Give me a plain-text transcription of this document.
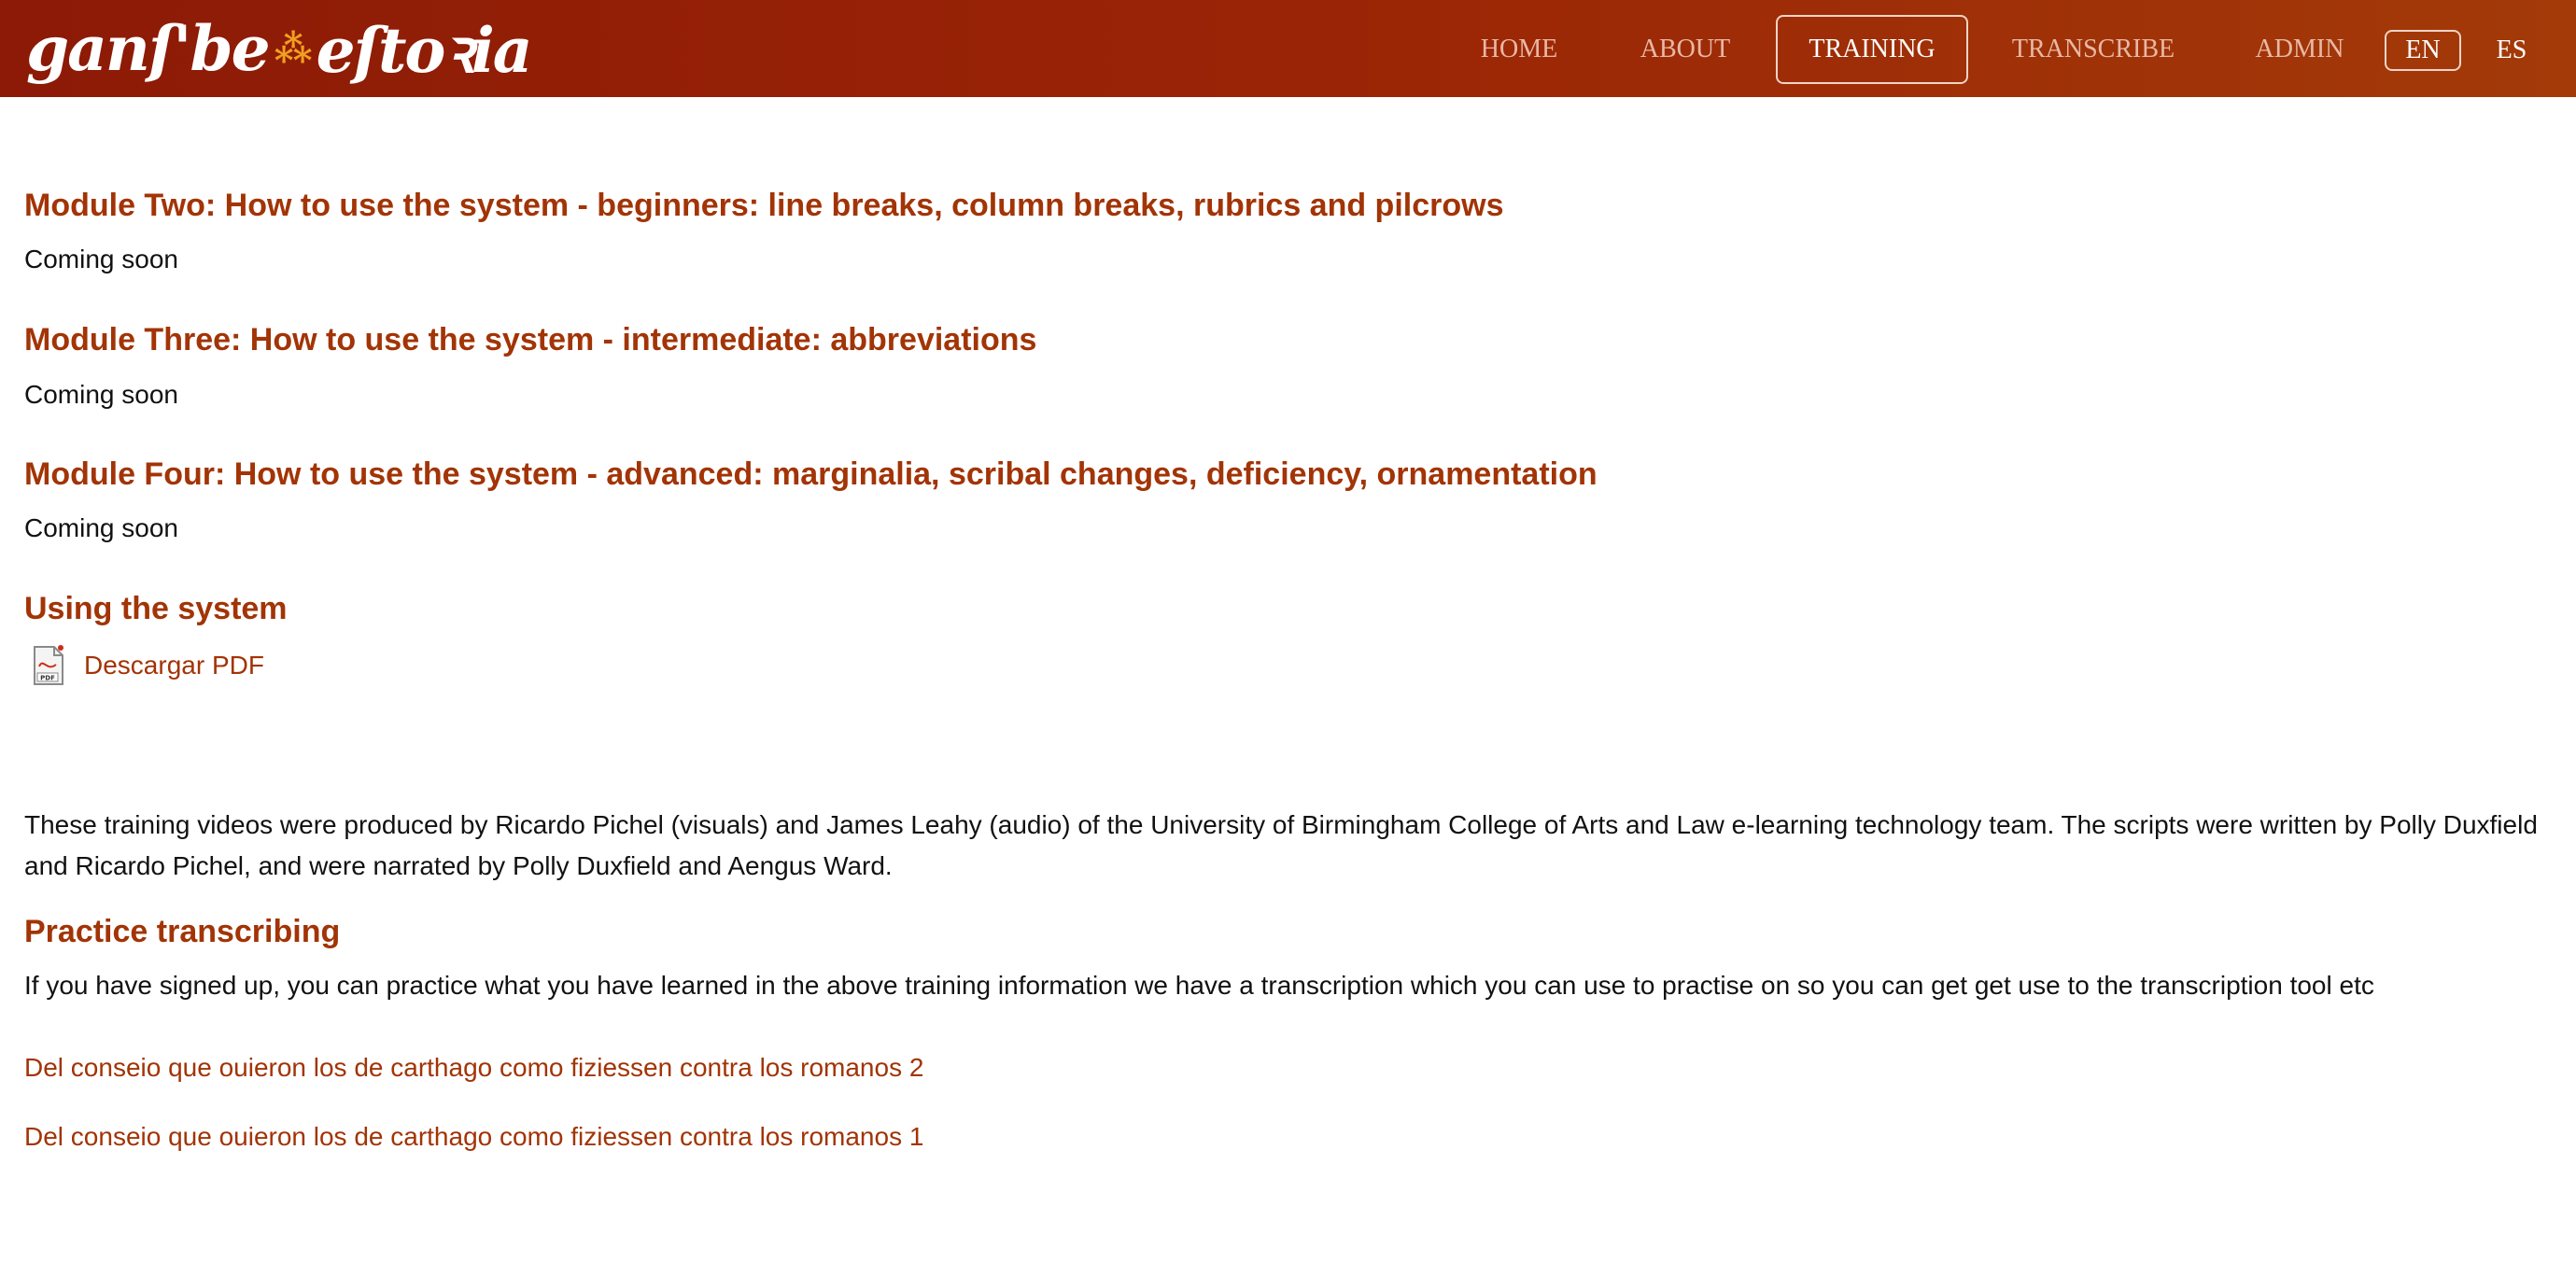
ganſ'be ⁂ eſtoꝛia	HOME	ABOUT	TRAINING	TRANSCRIBE	ADMIN	EN	ES
Module Two: How to use the system - beginners: line breaks, column breaks, rubrics and pilcrows

Coming soon

Module Three: How to use the system - intermediate: abbreviations

Coming soon

Module Four: How to use the system - advanced: marginalia, scribal changes, deficiency, ornamentation

Coming soon

Using the system
PDF Descargar PDF

These training videos were produced by Ricardo Pichel (visuals) and James Leahy (audio) of the University of Birmingham College of Arts and Law e-learning technology team. The scripts were written by Polly Duxfield and Ricardo Pichel, and were narrated by Polly Duxfield and Aengus Ward.

Practice transcribing

If you have signed up, you can practice what you have learned in the above training information we have a transcription which you can use to practise on so you can get get use to the transcription tool etc

Del conseio que ouieron los de carthago como fiziessen contra los romanos 2
Del conseio que ouieron los de carthago como fiziessen contra los romanos 1
